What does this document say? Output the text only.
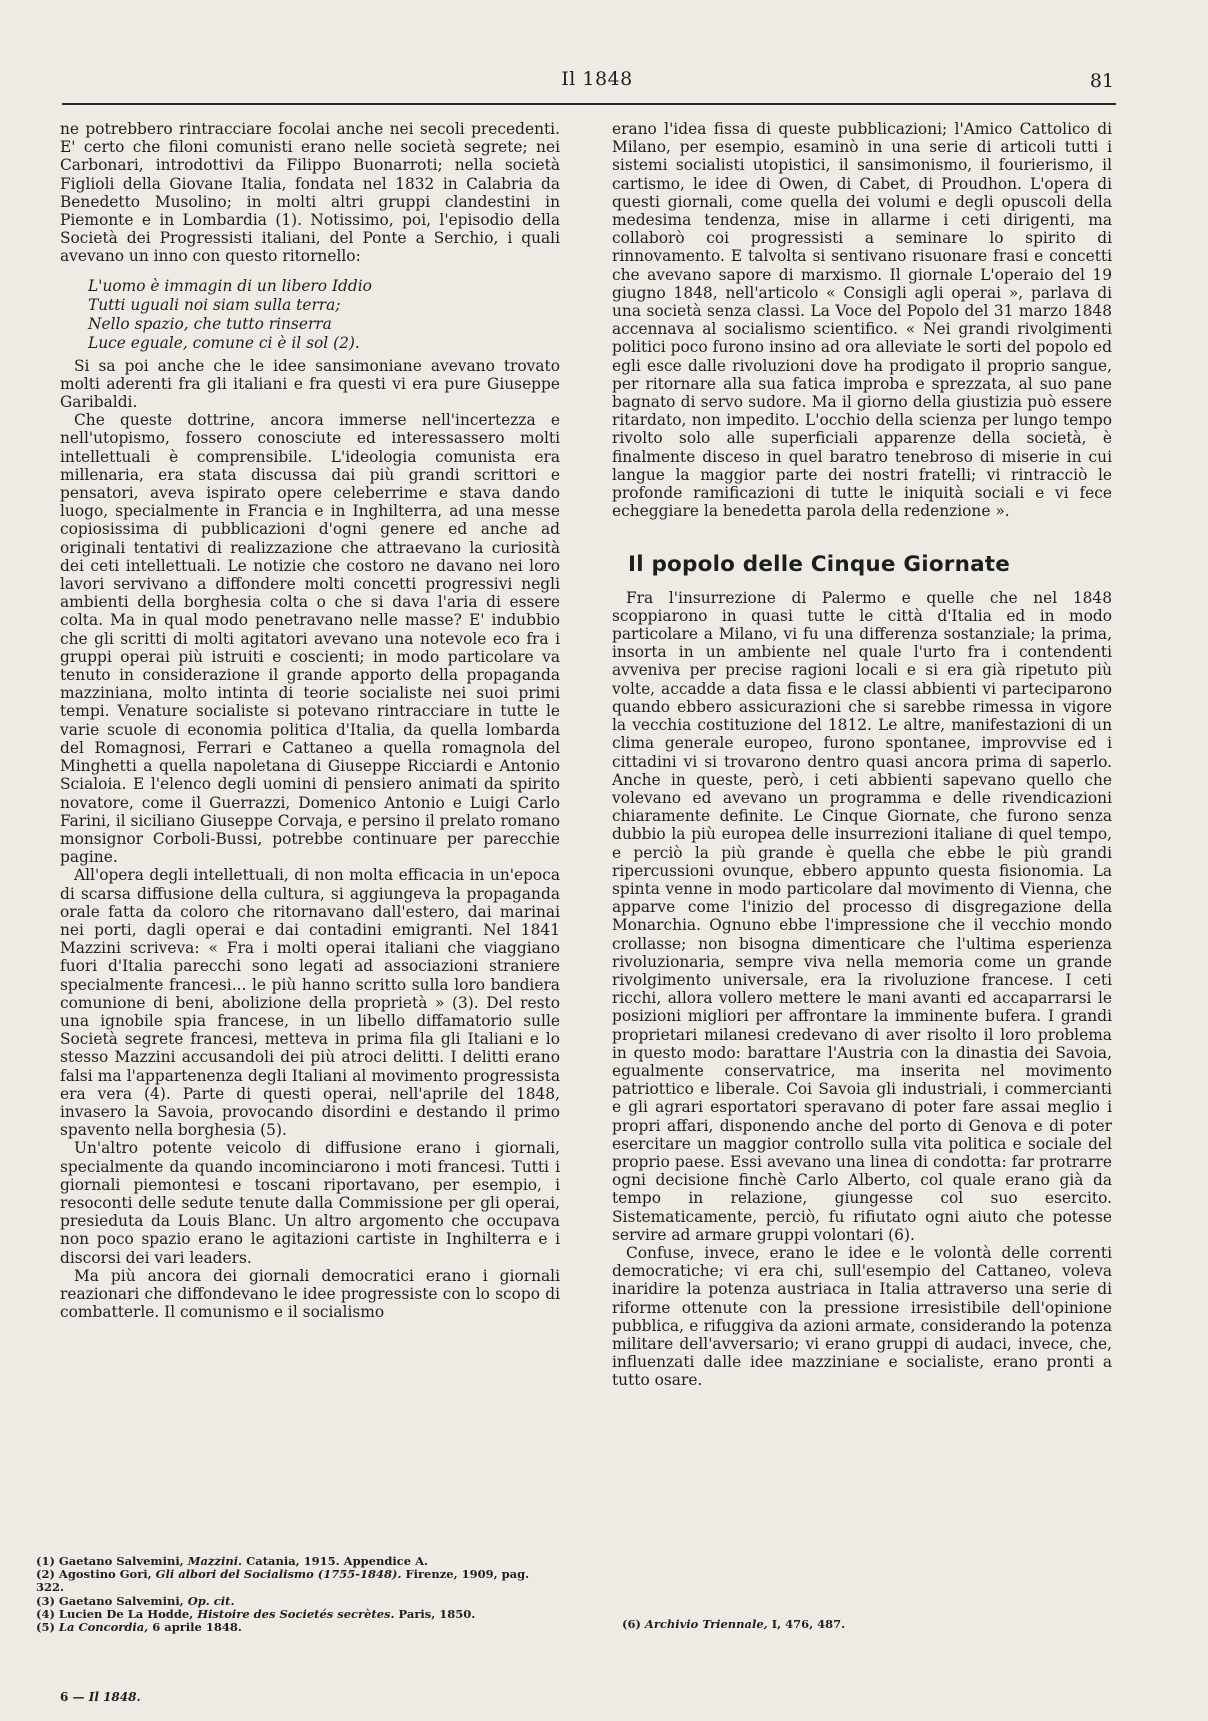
Il 1848	81

ne potrebbero rintracciare focolai anche nei secoli precedenti. E' certo che filoni comunisti erano nelle società segrete; nei Carbonari, introdottivi da Filippo Buonarroti; nella società Figlioli della Giovane Italia, fondata nel 1832 in Calabria da Benedetto Musolino; in molti altri gruppi clandestini in Piemonte e in Lombardia (1). Notissimo, poi, l'episodio della Società dei Progressisti italiani, del Ponte a Serchio, i quali avevano un inno con questo ritornello:

L'uomo è immagin di un libero Iddio
Tutti uguali noi siam sulla terra;
Nello spazio, che tutto rinserra
Luce eguale, comune ci è il sol (2).

Si sa poi anche che le idee sansimoniane avevano trovato molti aderenti fra gli italiani e fra questi vi era pure Giuseppe Garibaldi.

Che queste dottrine, ancora immerse nell'incertezza e nell'utopismo, fossero conosciute ed interessassero molti intellettuali è comprensibile. L'ideologia comunista era millenaria, era stata discussa dai più grandi scrittori e pensatori, aveva ispirato opere celeberrime e stava dando luogo, specialmente in Francia e in Inghilterra, ad una messe copiosissima di pubblicazioni d'ogni genere ed anche ad originali tentativi di realizzazione che attraevano la curiosità dei ceti intellettuali. Le notizie che costoro ne davano nei loro lavori servivano a diffondere molti concetti progressivi negli ambienti della borghesia colta o che si dava l'aria di essere colta. Ma in qual modo penetravano nelle masse? E' indubbio che gli scritti di molti agitatori avevano una notevole eco fra i gruppi operai più istruiti e coscienti; in modo particolare va tenuto in considerazione il grande apporto della propaganda mazziniana, molto intinta di teorie socialiste nei suoi primi tempi. Venature socialiste si potevano rintracciare in tutte le varie scuole di economia politica d'Italia, da quella lombarda del Romagnosi, Ferrari e Cattaneo a quella romagnola del Minghetti a quella napoletana di Giuseppe Ricciardi e Antonio Scialoia. E l'elenco degli uomini di pensiero animati da spirito novatore, come il Guerrazzi, Domenico Antonio e Luigi Carlo Farini, il siciliano Giuseppe Corvaja, e persino il prelato romano monsignor Corboli-Bussi, potrebbe continuare per parecchie pagine.

All'opera degli intellettuali, di non molta efficacia in un'epoca di scarsa diffusione della cultura, si aggiungeva la propaganda orale fatta da coloro che ritornavano dall'estero, dai marinai nei porti, dagli operai e dai contadini emigranti. Nel 1841 Mazzini scriveva: « Fra i molti operai italiani che viaggiano fuori d'Italia parecchi sono legati ad associazioni straniere specialmente francesi... le più hanno scritto sulla loro bandiera comunione di beni, abolizione della proprietà » (3). Del resto una ignobile spia francese, in un libello diffamatorio sulle Società segrete francesi, metteva in prima fila gli Italiani e lo stesso Mazzini accusandoli dei più atroci delitti. I delitti erano falsi ma l'appartenenza degli Italiani al movimento progressista era vera (4). Parte di questi operai, nell'aprile del 1848, invasero la Savoia, provocando disordini e destando il primo spavento nella borghesia (5).

Un'altro potente veicolo di diffusione erano i giornali, specialmente da quando incominciarono i moti francesi. Tutti i giornali piemontesi e toscani riportavano, per esempio, i resoconti delle sedute tenute dalla Commissione per gli operai, presieduta da Louis Blanc. Un altro argomento che occupava non poco spazio erano le agitazioni cartiste in Inghilterra e i discorsi dei vari leaders.

Ma più ancora dei giornali democratici erano i giornali reazionari che diffondevano le idee progressiste con lo scopo di combatterle. Il comunismo e il socialismo

erano l'idea fissa di queste pubblicazioni; l'Amico Cattolico di Milano, per esempio, esaminò in una serie di articoli tutti i sistemi socialisti utopistici, il sansimonismo, il fourierismo, il cartismo, le idee di Owen, di Cabet, di Proudhon. L'opera di questi giornali, come quella dei volumi e degli opuscoli della medesima tendenza, mise in allarme i ceti dirigenti, ma collaborò coi progressisti a seminare lo spirito di rinnovamento. E talvolta si sentivano risuonare frasi e concetti che avevano sapore di marxismo. Il giornale L'operaio del 19 giugno 1848, nell'articolo « Consigli agli operai », parlava di una società senza classi. La Voce del Popolo del 31 marzo 1848 accennava al socialismo scientifico. « Nei grandi rivolgimenti politici poco furono insino ad ora alleviate le sorti del popolo ed egli esce dalle rivoluzioni dove ha prodigato il proprio sangue, per ritornare alla sua fatica improba e sprezzata, al suo pane bagnato di servo sudore. Ma il giorno della giustizia può essere ritardato, non impedito. L'occhio della scienza per lungo tempo rivolto solo alle superficiali apparenze della società, è finalmente disceso in quel baratro tenebroso di miserie in cui langue la maggior parte dei nostri fratelli; vi rintracciò le profonde ramificazioni di tutte le iniquità sociali e vi fece echeggiare la benedetta parola della redenzione ».

Il popolo delle Cinque Giornate

Fra l'insurrezione di Palermo e quelle che nel 1848 scoppiarono in quasi tutte le città d'Italia ed in modo particolare a Milano, vi fu una differenza sostanziale; la prima, insorta in un ambiente nel quale l'urto fra i contendenti avveniva per precise ragioni locali e si era già ripetuto più volte, accadde a data fissa e le classi abbienti vi parteciparono quando ebbero assicurazioni che si sarebbe rimessa in vigore la vecchia costituzione del 1812. Le altre, manifestazioni di un clima generale europeo, furono spontanee, improvvise ed i cittadini vi si trovarono dentro quasi ancora prima di saperlo. Anche in queste, però, i ceti abbienti sapevano quello che volevano ed avevano un programma e delle rivendicazioni chiaramente definite. Le Cinque Giornate, che furono senza dubbio la più europea delle insurrezioni italiane di quel tempo, e perciò la più grande è quella che ebbe le più grandi ripercussioni ovunque, ebbero appunto questa fisionomia. La spinta venne in modo particolare dal movimento di Vienna, che apparve come l'inizio del processo di disgregazione della Monarchia. Ognuno ebbe l'impressione che il vecchio mondo crollasse; non bisogna dimenticare che l'ultima esperienza rivoluzionaria, sempre viva nella memoria come un grande rivolgimento universale, era la rivoluzione francese. I ceti ricchi, allora vollero mettere le mani avanti ed accaparrarsi le posizioni migliori per affrontare la imminente bufera. I grandi proprietari milanesi credevano di aver risolto il loro problema in questo modo: barattare l'Austria con la dinastia dei Savoia, egualmente conservatrice, ma inserita nel movimento patriottico e liberale. Coi Savoia gli industriali, i commercianti e gli agrari esportatori speravano di poter fare assai meglio i propri affari, disponendo anche del porto di Genova e di poter esercitare un maggior controllo sulla vita politica e sociale del proprio paese. Essi avevano una linea di condotta: far protrarre ogni decisione finchè Carlo Alberto, col quale erano già da tempo in relazione, giungesse col suo esercito. Sistematicamente, perciò, fu rifiutato ogni aiuto che potesse servire ad armare gruppi volontari (6).

Confuse, invece, erano le idee e le volontà delle correnti democratiche; vi era chi, sull'esempio del Cattaneo, voleva inaridire la potenza austriaca in Italia attraverso una serie di riforme ottenute con la pressione irresistibile dell'opinione pubblica, e rifuggiva da azioni armate, considerando la potenza militare dell'avversario; vi erano gruppi di audaci, invece, che, influenzati dalle idee mazziniane e socialiste, erano pronti a tutto osare.

(1) Gaetano Salvemini, Mazzini. Catania, 1915. Appendice A.
(2) Agostino Gori, Gli albori del Socialismo (1755-1848). Firenze, 1909, pag. 322.
(3) Gaetano Salvemini, Op. cit.
(4) Lucien De La Hodde, Histoire des Societés secrètes. Paris, 1850.
(5) La Concordia, 6 aprile 1848.	(6) Archivio Triennale, I, 476, 487.
6 — Il 1848.
